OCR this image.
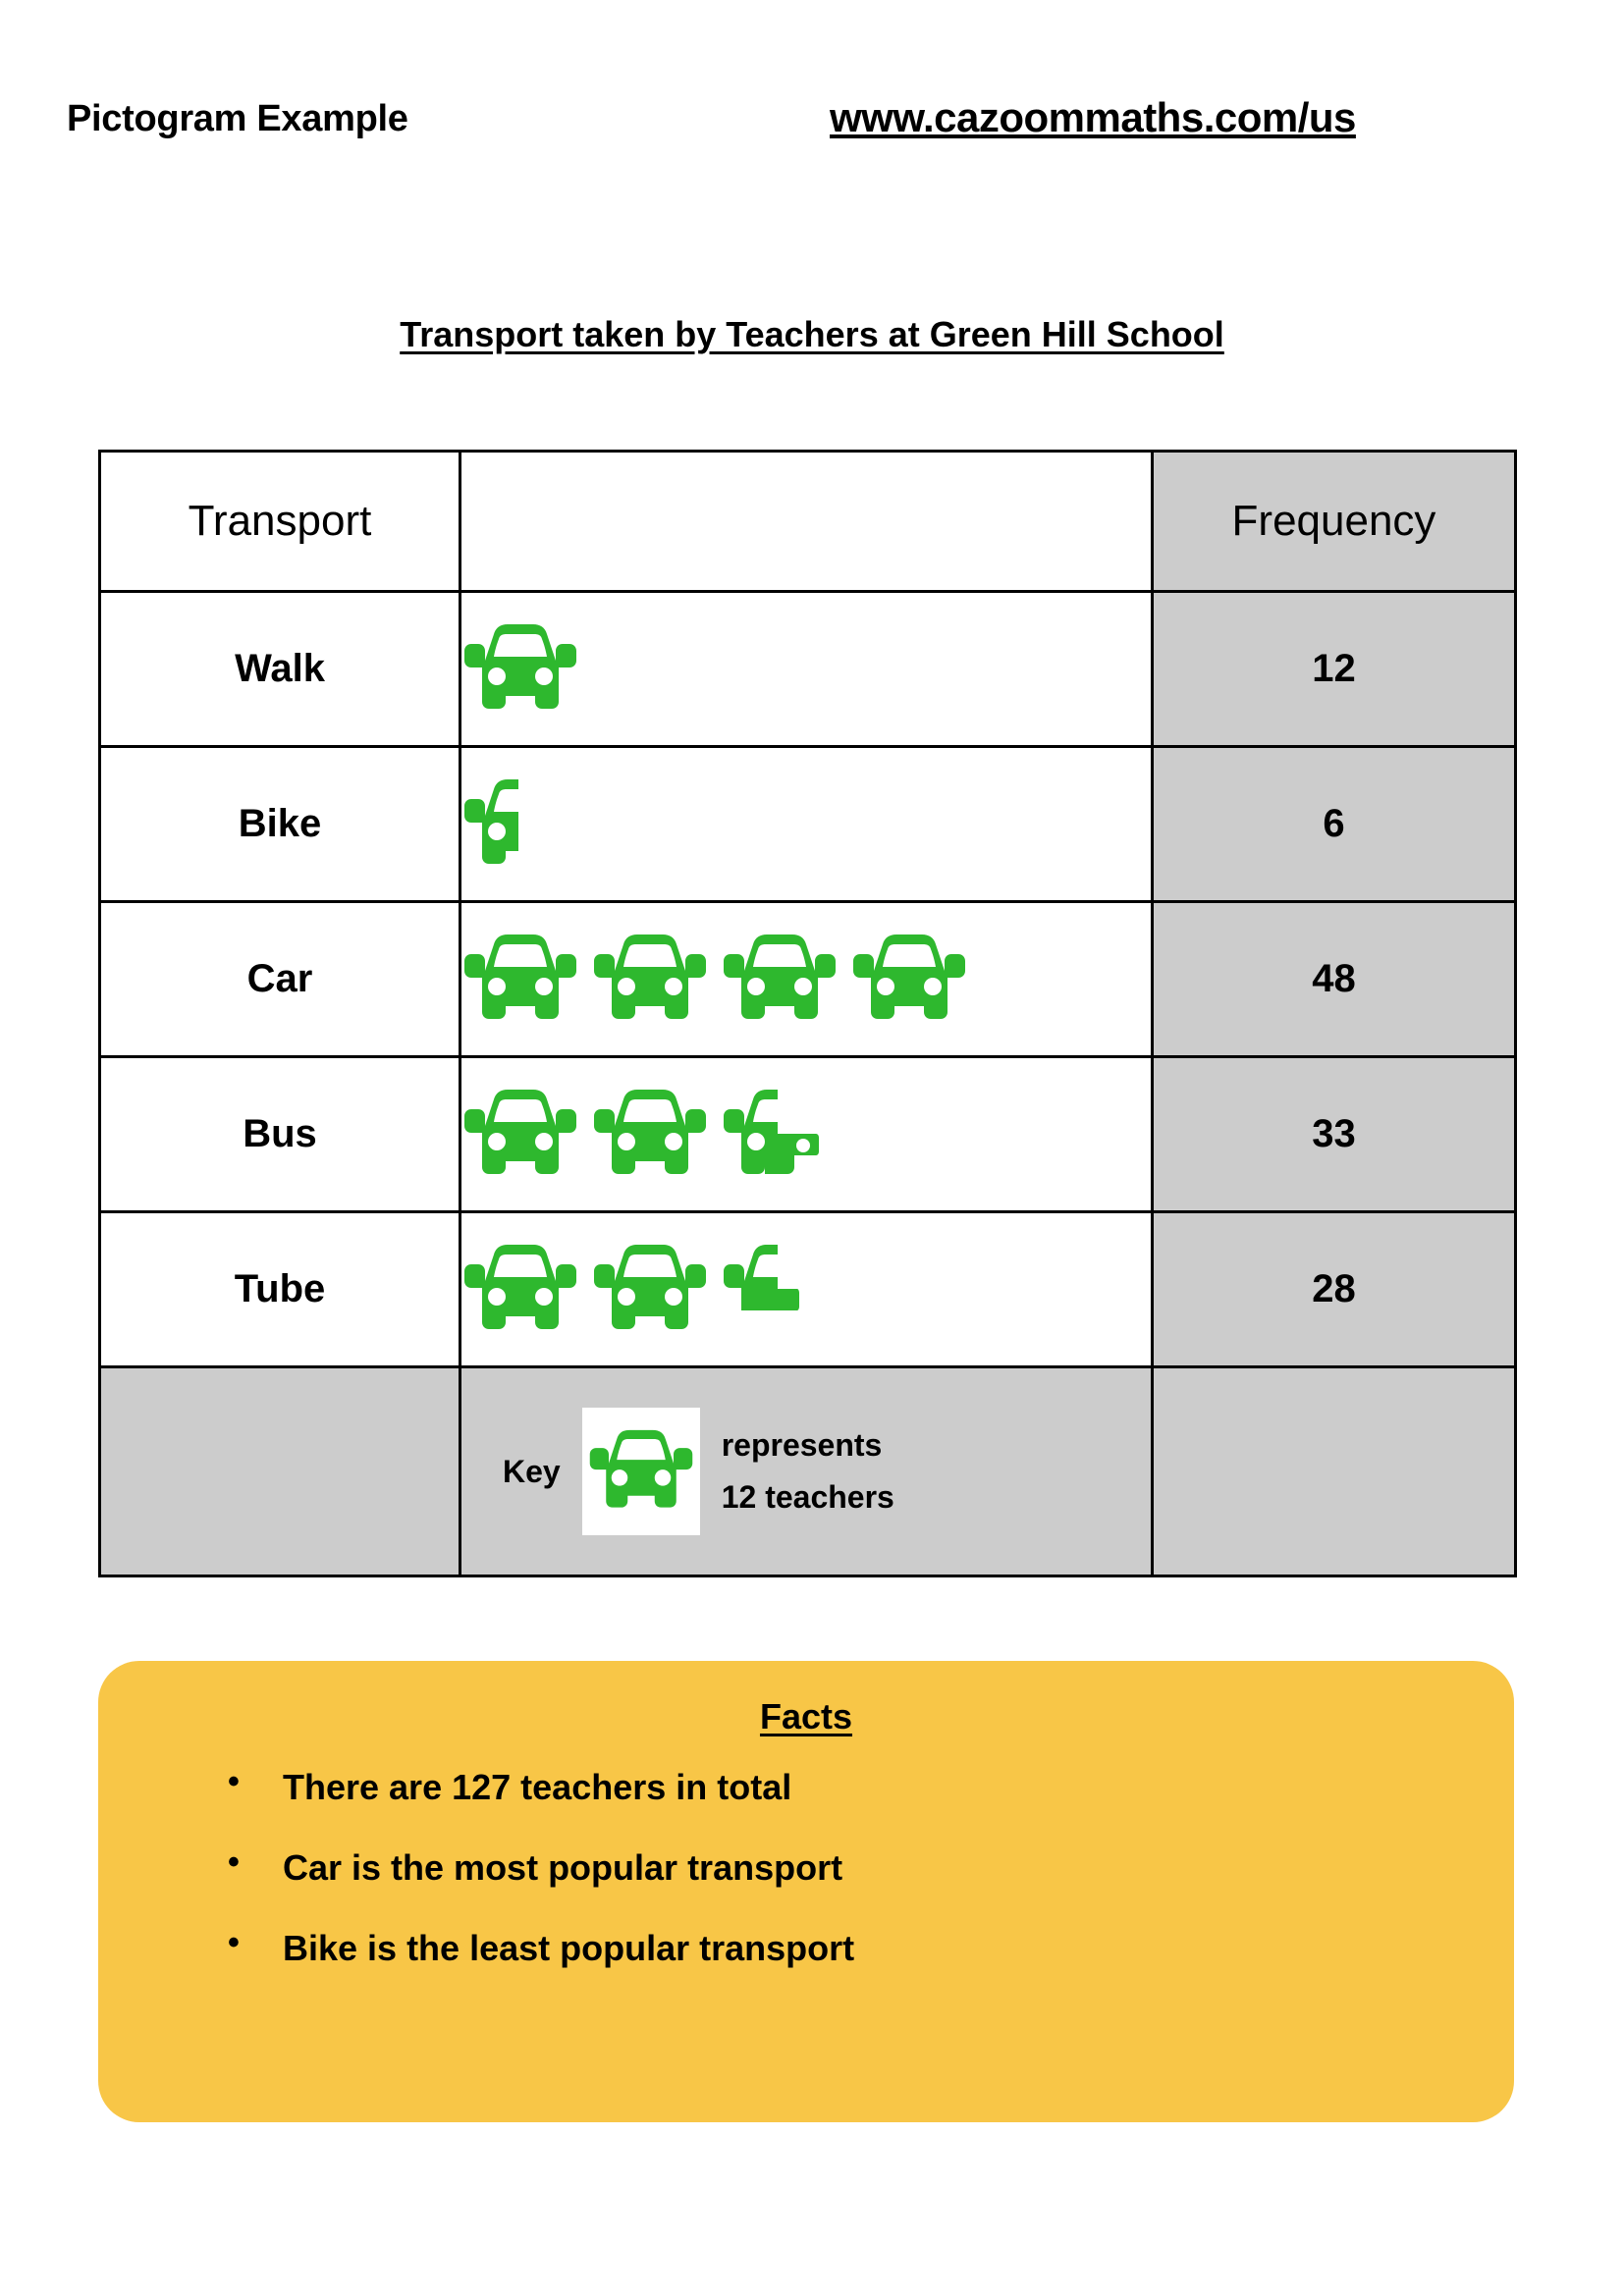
Pictogram Example	www.cazoommaths.com/us
Transport taken by Teachers at Green Hill School
Transport		Frequency
Walk		12
Bike		6
Car		48
Bus		33
Tube		28

	Key
represents
12 teachers	

Facts
• There are 127 teachers in total
• Car is the most popular transport
• Bike is the least popular transport
